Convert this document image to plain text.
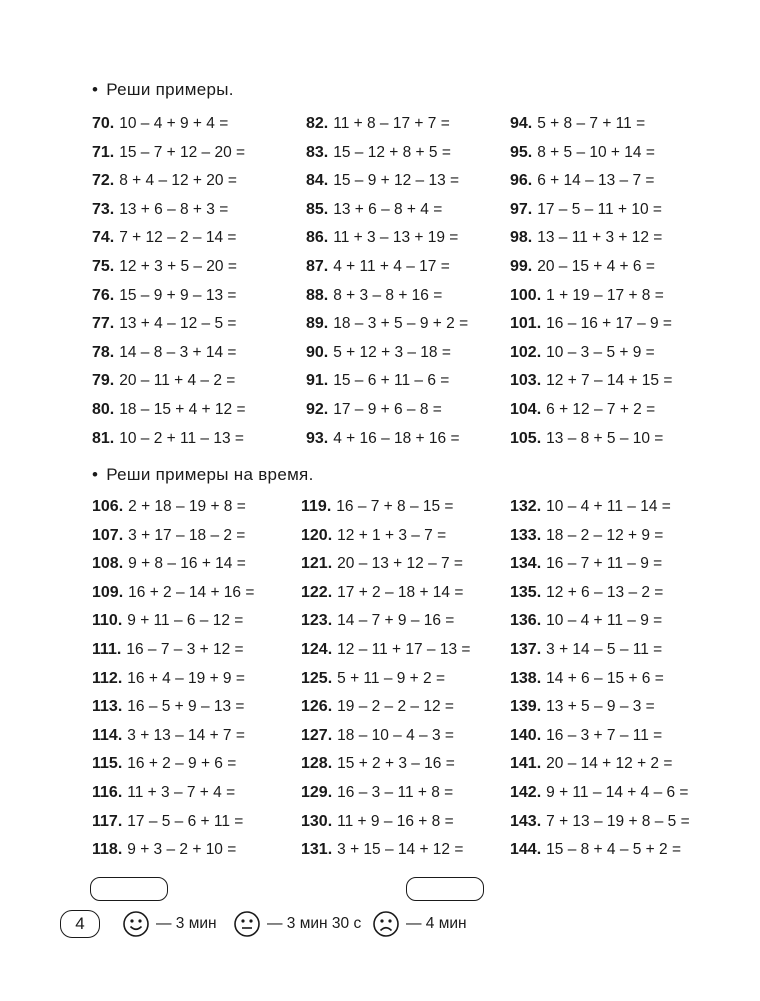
• Реши примеры.
70. 10 – 4 + 9 + 4 =
71. 15 – 7 + 12 – 20 =
72. 8 + 4 – 12 + 20 =
73. 13 + 6 – 8 + 3 =
74. 7 + 12 – 2 – 14 =
75. 12 + 3 + 5 – 20 =
76. 15 – 9 + 9 – 13 =
77. 13 + 4 – 12 – 5 =
78. 14 – 8 – 3 + 14 =
79. 20 – 11 + 4 – 2 =
80. 18 – 15 + 4 + 12 =
81. 10 – 2 + 11 – 13 =
82. 11 + 8 – 17 + 7 =
83. 15 – 12 + 8 + 5 =
84. 15 – 9 + 12 – 13 =
85. 13 + 6 – 8 + 4 =
86. 11 + 3 – 13 + 19 =
87. 4 + 11 + 4 – 17 =
88. 8 + 3 – 8 + 16 =
89. 18 – 3 + 5 – 9 + 2 =
90. 5 + 12 + 3 – 18 =
91. 15 – 6 + 11 – 6 =
92. 17 – 9 + 6 – 8 =
93. 4 + 16 – 18 + 16 =
94. 5 + 8 – 7 + 11 =
95. 8 + 5 – 10 + 14 =
96. 6 + 14 – 13 – 7 =
97. 17 – 5 – 11 + 10 =
98. 13 – 11 + 3 + 12 =
99. 20 – 15 + 4 + 6 =
100. 1 + 19 – 17 + 8 =
101. 16 – 16 + 17 – 9 =
102. 10 – 3 – 5 + 9 =
103. 12 + 7 – 14 + 15 =
104. 6 + 12 – 7 + 2 =
105. 13 – 8 + 5 – 10 =
• Реши примеры на время.
106. 2 + 18 – 19 + 8 =
107. 3 + 17 – 18 – 2 =
108. 9 + 8 – 16 + 14 =
109. 16 + 2 – 14 + 16 =
110. 9 + 11 – 6 – 12 =
111. 16 – 7 – 3 + 12 =
112. 16 + 4 – 19 + 9 =
113. 16 – 5 + 9 – 13 =
114. 3 + 13 – 14 + 7 =
115. 16 + 2 – 9 + 6 =
116. 11 + 3 – 7 + 4 =
117. 17 – 5 – 6 + 11 =
118. 9 + 3 – 2 + 10 =
119. 16 – 7 + 8 – 15 =
120. 12 + 1 + 3 – 7 =
121. 20 – 13 + 12 – 7 =
122. 17 + 2 – 18 + 14 =
123. 14 – 7 + 9 – 16 =
124. 12 – 11 + 17 – 13 =
125. 5 + 11 – 9 + 2 =
126. 19 – 2 – 2 – 12 =
127. 18 – 10 – 4 – 3 =
128. 15 + 2 + 3 – 16 =
129. 16 – 3 – 11 + 8 =
130. 11 + 9 – 16 + 8 =
131. 3 + 15 – 14 + 12 =
132. 10 – 4 + 11 – 14 =
133. 18 – 2 – 12 + 9 =
134. 16 – 7 + 11 – 9 =
135. 12 + 6 – 13 – 2 =
136. 10 – 4 + 11 – 9 =
137. 3 + 14 – 5 – 11 =
138. 14 + 6 – 15 + 6 =
139. 13 + 5 – 9 – 3 =
140. 16 – 3 + 7 – 11 =
141. 20 – 14 + 12 + 2 =
142. 9 + 11 – 14 + 4 – 6 =
143. 7 + 13 – 19 + 8 – 5 =
144. 15 – 8 + 4 – 5 + 2 =
4	— 3 мин	— 3 мин 30 с	— 4 мин
